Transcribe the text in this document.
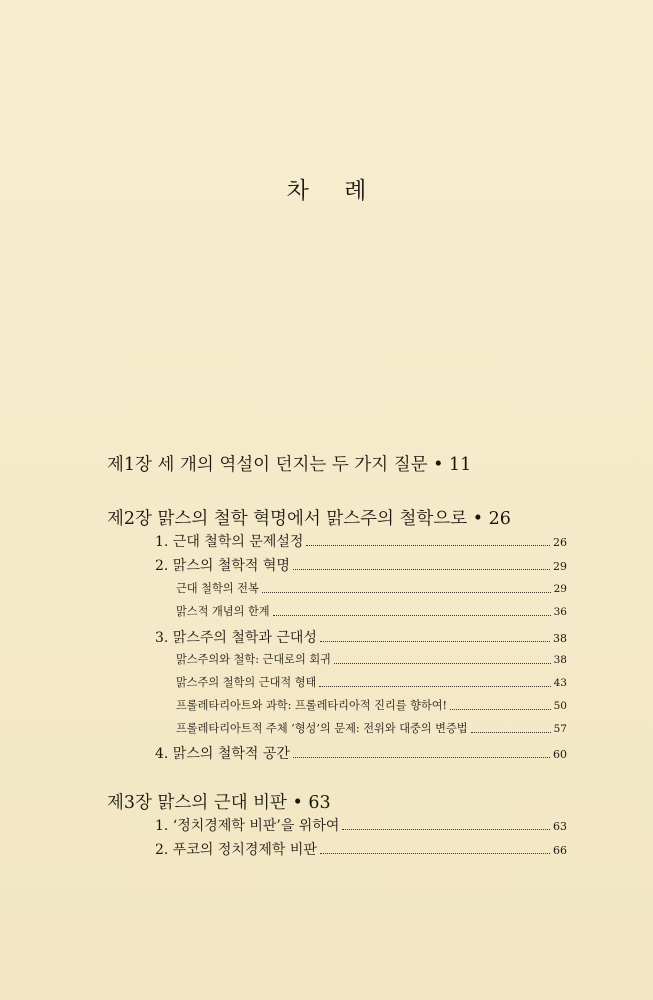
차 례
제1장 세 개의 역설이 던지는 두 가지 질문 • 11
제2장 맑스의 철학 혁명에서 맑스주의 철학으로 • 26
1. 근대 철학의 문제설정	26
2. 맑스의 철학적 혁명	29
근대 철학의 전복	29
맑스적 개념의 한계	36
3. 맑스주의 철학과 근대성	38
맑스주의와 철학: 근대로의 회귀	38
맑스주의 철학의 근대적 형태	43
프롤레타리아트와 과학: 프롤레타리아적 진리를 향하여!	50
프롤레타리아트적 주체 ‘형성’의 문제: 전위와 대중의 변증법	57
4. 맑스의 철학적 공간	60
제3장 맑스의 근대 비판 • 63
1. ‘정치경제학 비판’을 위하여	63
2. 푸코의 정치경제학 비판	66
